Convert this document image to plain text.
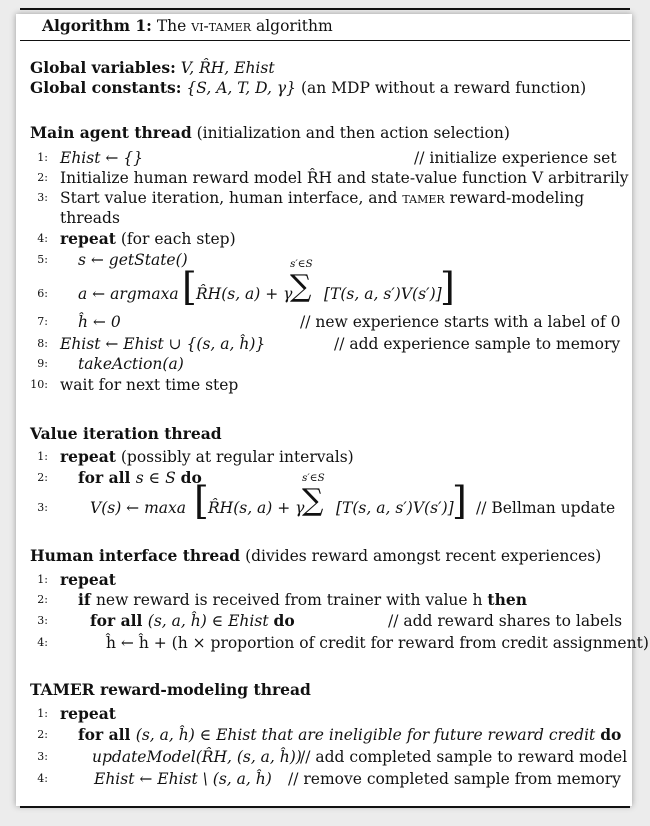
Algorithm 1: The vi-tamer algorithm
Global variables: V, R̂H, Ehist
Global constants: {S, A, T, D, γ} (an MDP without a reward function)
Main agent thread (initialization and then action selection)
1: Ehist ← {}	// initialize experience set
2: Initialize human reward model R̂H and state-value function V arbitrarily
3: Start value iteration, human interface, and tamer reward-modeling
threads
4: repeat (for each step)
5: s ← getState()
6: a ← argmaxa [ R̂H(s, a) + γ
s′∈S
∑ [T(s, a, s′)V(s′)]
]
7: ĥ ← 0	// new experience starts with a label of 0
8: Ehist ← Ehist ∪ {(s, a, ĥ)}	// add experience sample to memory
9: takeAction(a)
10: wait for next time step
Value iteration thread
1: repeat (possibly at regular intervals)
2: for all s ∈ S do
3:	V(s) ← maxa [ R̂H(s, a) + γ
s′∈S
∑ [T(s, a, s′)V(s′)]
] // Bellman update
Human interface thread (divides reward amongst recent experiences)
1: repeat
2: if new reward is received from trainer with value h then
3:	for all (s, a, ĥ) ∈ Ehist do	// add reward shares to labels
4:	ĥ ← ĥ + (h × proportion of credit for reward from credit assignment)
TAMER reward-modeling thread
1: repeat
2: for all (s, a, ĥ) ∈ Ehist that are ineligible for future reward credit do
3:	updateModel(R̂H, (s, a, ĥ))
// add completed sample to reward model
4:	Ehist ← Ehist \ (s, a, ĥ) // remove completed sample from memory
